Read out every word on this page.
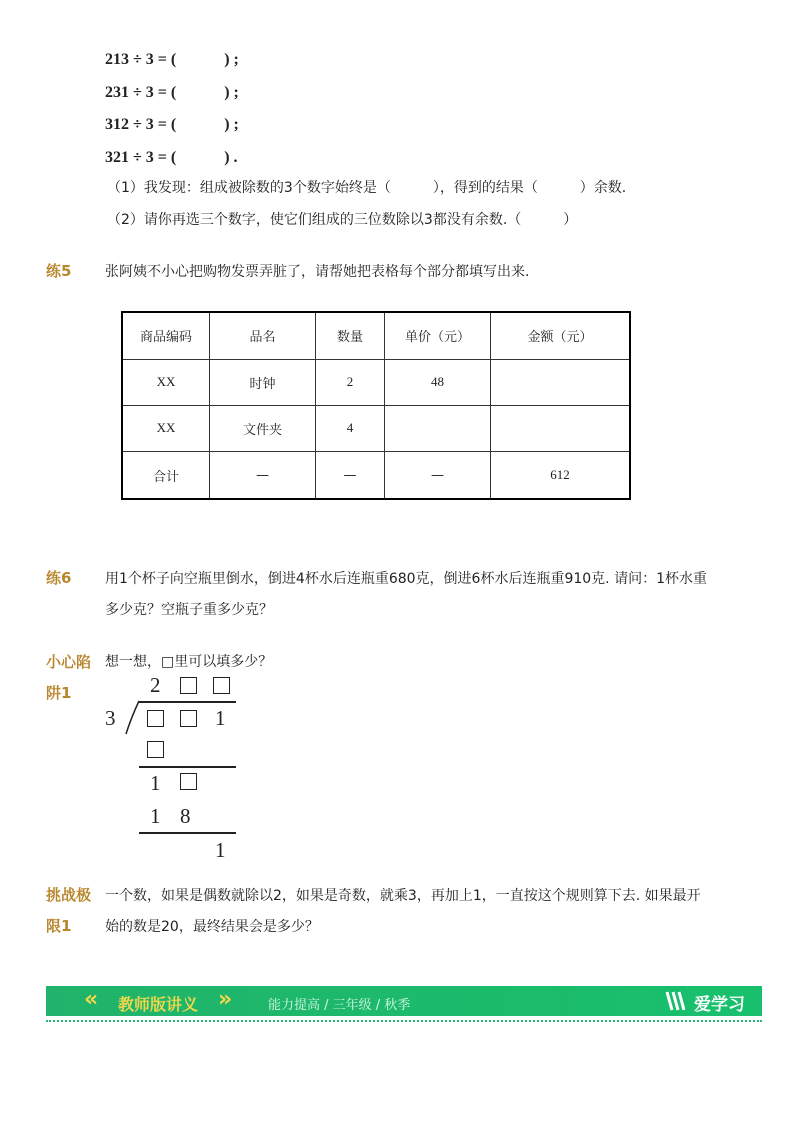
213 ÷ 3 = (　　　) ;
231 ÷ 3 = (　　　) ;
312 ÷ 3 = (　　　) ;
321 ÷ 3 = (　　　) .
（1）我发现：组成被除数的3个数字始终是（　　　），得到的结果（　　　）余数.
（2）请你再选三个数字，使它们组成的三位数除以3都没有余数.（　　　）
练5 张阿姨不小心把购物发票弄脏了，请帮她把表格每个部分都填写出来.
商品编码	品名	数量	单价（元）	金额（元）
XX	时钟	2	48	
XX	文件夹	4		
合计	—	—	—	612
练6 用1个杯子向空瓶里倒水，倒进4杯水后连瓶重680克，倒进6杯水后连瓶重910克. 请问：1杯水重
多少克？空瓶子重多少克？
小心陷
阱1
想一想，□里可以填多少？
2
3	1
1
1 8
1
挑战极
限1
一个数，如果是偶数就除以2，如果是奇数，就乘3，再加上1，一直按这个规则算下去. 如果最开
始的数是20，最终结果会是多少？
« 教师版讲义 »	能力提高 / 三年级 / 秋季	爱学习
